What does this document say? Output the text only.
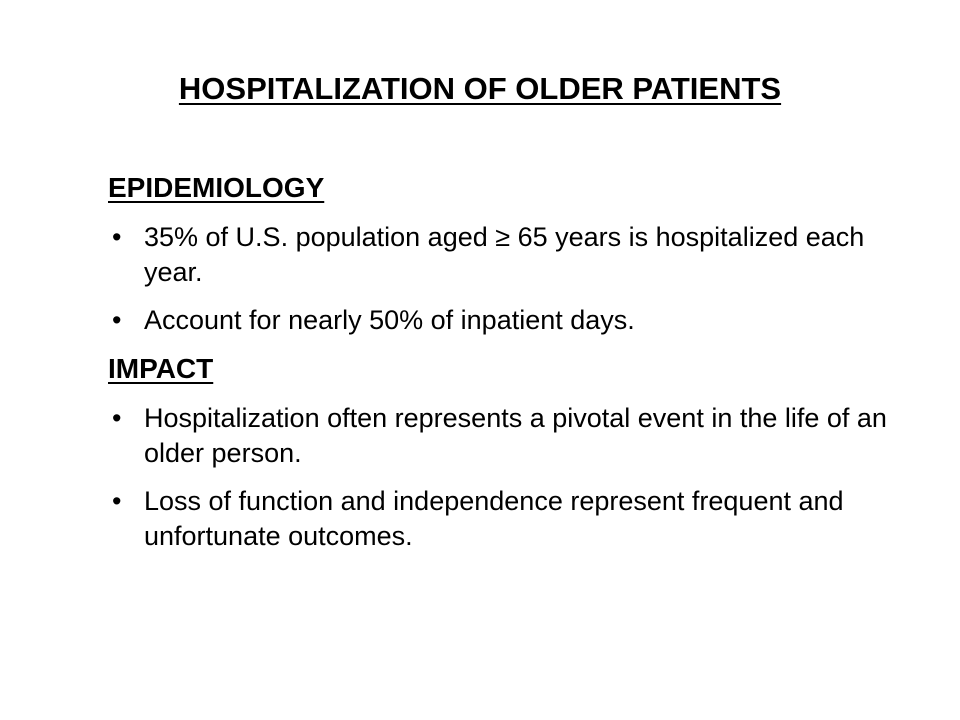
HOSPITALIZATION OF OLDER PATIENTS
EPIDEMIOLOGY
• 35% of U.S. population aged ≥ 65 years is hospitalized each year.
• Account for nearly 50% of inpatient days.
IMPACT
• Hospitalization often represents a pivotal event in the life of an older person.
• Loss of function and independence represent frequent and unfortunate outcomes.
